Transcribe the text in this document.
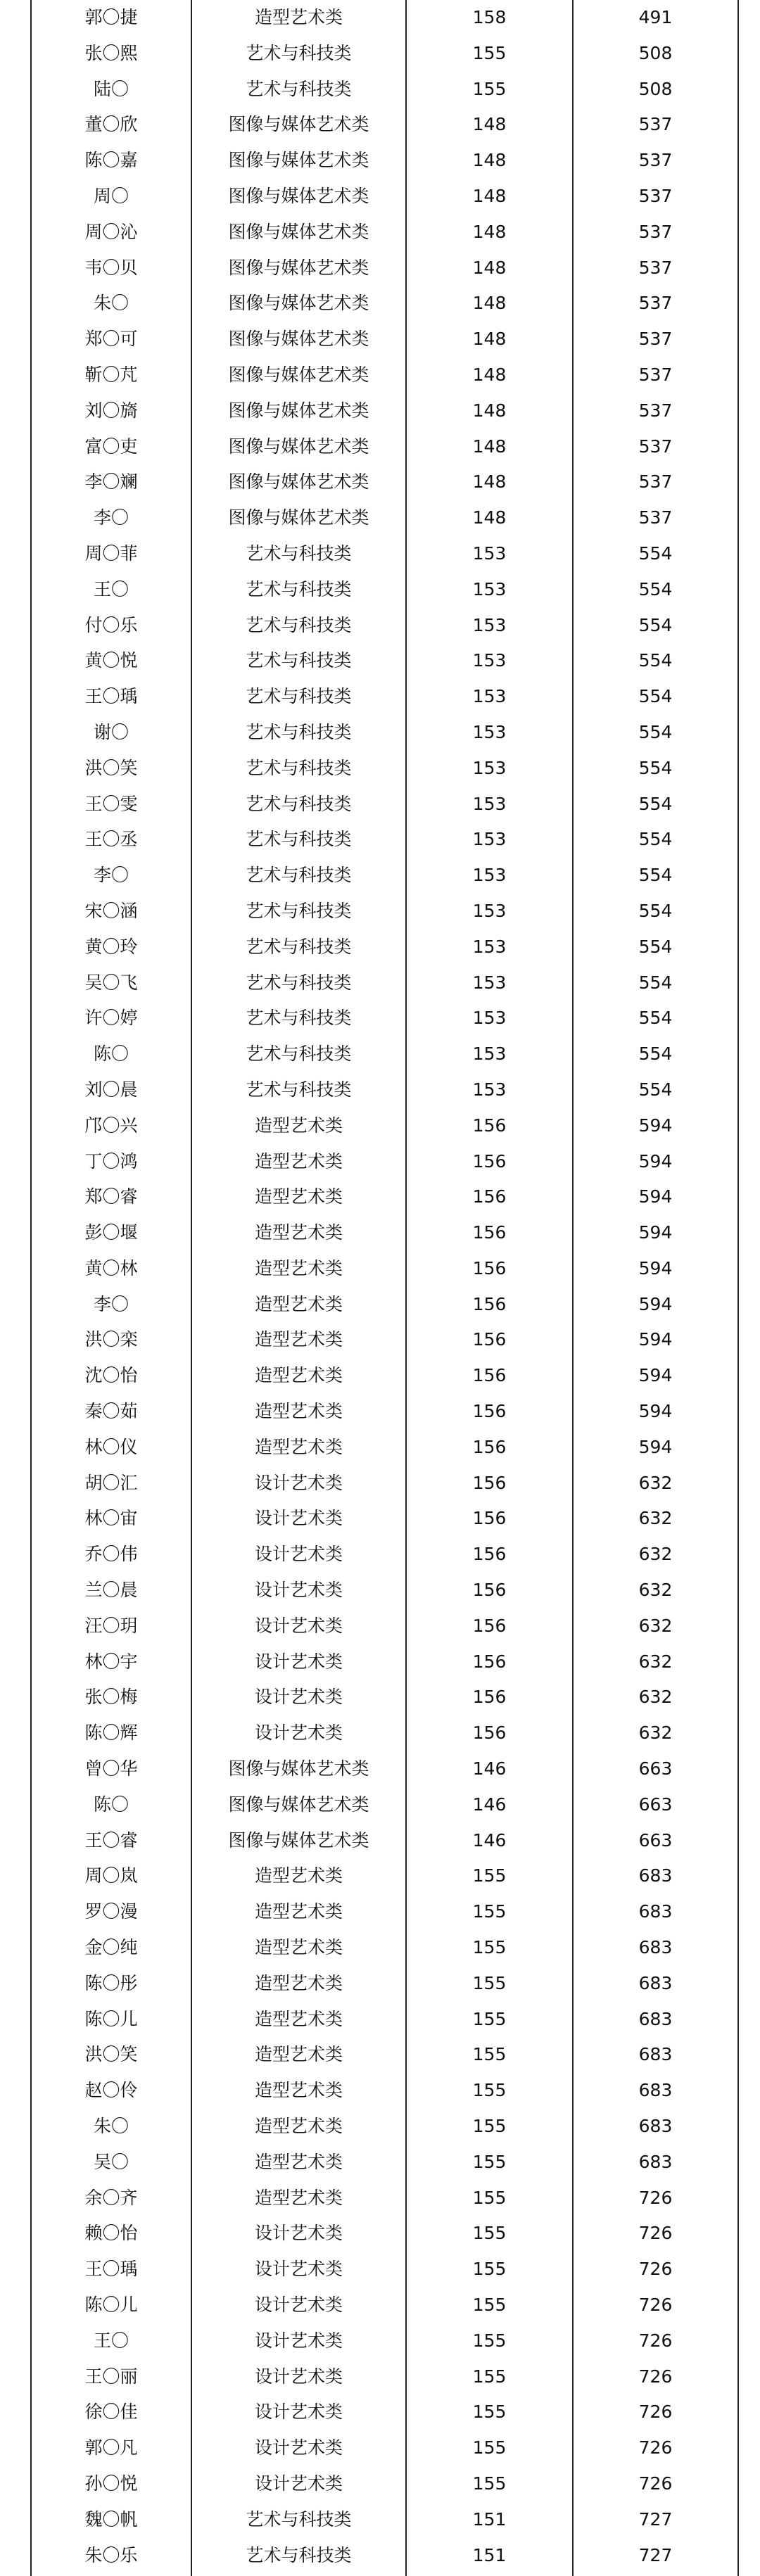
郭〇捷	造型艺术类	158	491
张〇熙	艺术与科技类	155	508
陆〇	艺术与科技类	155	508
董〇欣	图像与媒体艺术类	148	537
陈〇嘉	图像与媒体艺术类	148	537
周〇	图像与媒体艺术类	148	537
周〇沁	图像与媒体艺术类	148	537
韦〇贝	图像与媒体艺术类	148	537
朱〇	图像与媒体艺术类	148	537
郑〇可	图像与媒体艺术类	148	537
靳〇芃	图像与媒体艺术类	148	537
刘〇旖	图像与媒体艺术类	148	537
富〇吏	图像与媒体艺术类	148	537
李〇斓	图像与媒体艺术类	148	537
李〇	图像与媒体艺术类	148	537
周〇菲	艺术与科技类	153	554
王〇	艺术与科技类	153	554
付〇乐	艺术与科技类	153	554
黄〇悦	艺术与科技类	153	554
王〇瑀	艺术与科技类	153	554
谢〇	艺术与科技类	153	554
洪〇笑	艺术与科技类	153	554
王〇雯	艺术与科技类	153	554
王〇丞	艺术与科技类	153	554
李〇	艺术与科技类	153	554
宋〇涵	艺术与科技类	153	554
黄〇玲	艺术与科技类	153	554
吴〇飞	艺术与科技类	153	554
许〇婷	艺术与科技类	153	554
陈〇	艺术与科技类	153	554
刘〇晨	艺术与科技类	153	554
邝〇兴	造型艺术类	156	594
丁〇鸿	造型艺术类	156	594
郑〇睿	造型艺术类	156	594
彭〇堰	造型艺术类	156	594
黄〇林	造型艺术类	156	594
李〇	造型艺术类	156	594
洪〇栾	造型艺术类	156	594
沈〇怡	造型艺术类	156	594
秦〇茹	造型艺术类	156	594
林〇仪	造型艺术类	156	594
胡〇汇	设计艺术类	156	632
林〇宙	设计艺术类	156	632
乔〇伟	设计艺术类	156	632
兰〇晨	设计艺术类	156	632
汪〇玥	设计艺术类	156	632
林〇宇	设计艺术类	156	632
张〇梅	设计艺术类	156	632
陈〇辉	设计艺术类	156	632
曾〇华	图像与媒体艺术类	146	663
陈〇	图像与媒体艺术类	146	663
王〇睿	图像与媒体艺术类	146	663
周〇岚	造型艺术类	155	683
罗〇漫	造型艺术类	155	683
金〇纯	造型艺术类	155	683
陈〇彤	造型艺术类	155	683
陈〇儿	造型艺术类	155	683
洪〇笑	造型艺术类	155	683
赵〇伶	造型艺术类	155	683
朱〇	造型艺术类	155	683
吴〇	造型艺术类	155	683
余〇齐	造型艺术类	155	726
赖〇怡	设计艺术类	155	726
王〇瑀	设计艺术类	155	726
陈〇儿	设计艺术类	155	726
王〇	设计艺术类	155	726
王〇丽	设计艺术类	155	726
徐〇佳	设计艺术类	155	726
郭〇凡	设计艺术类	155	726
孙〇悦	设计艺术类	155	726
魏〇帆	艺术与科技类	151	727
朱〇乐	艺术与科技类	151	727
